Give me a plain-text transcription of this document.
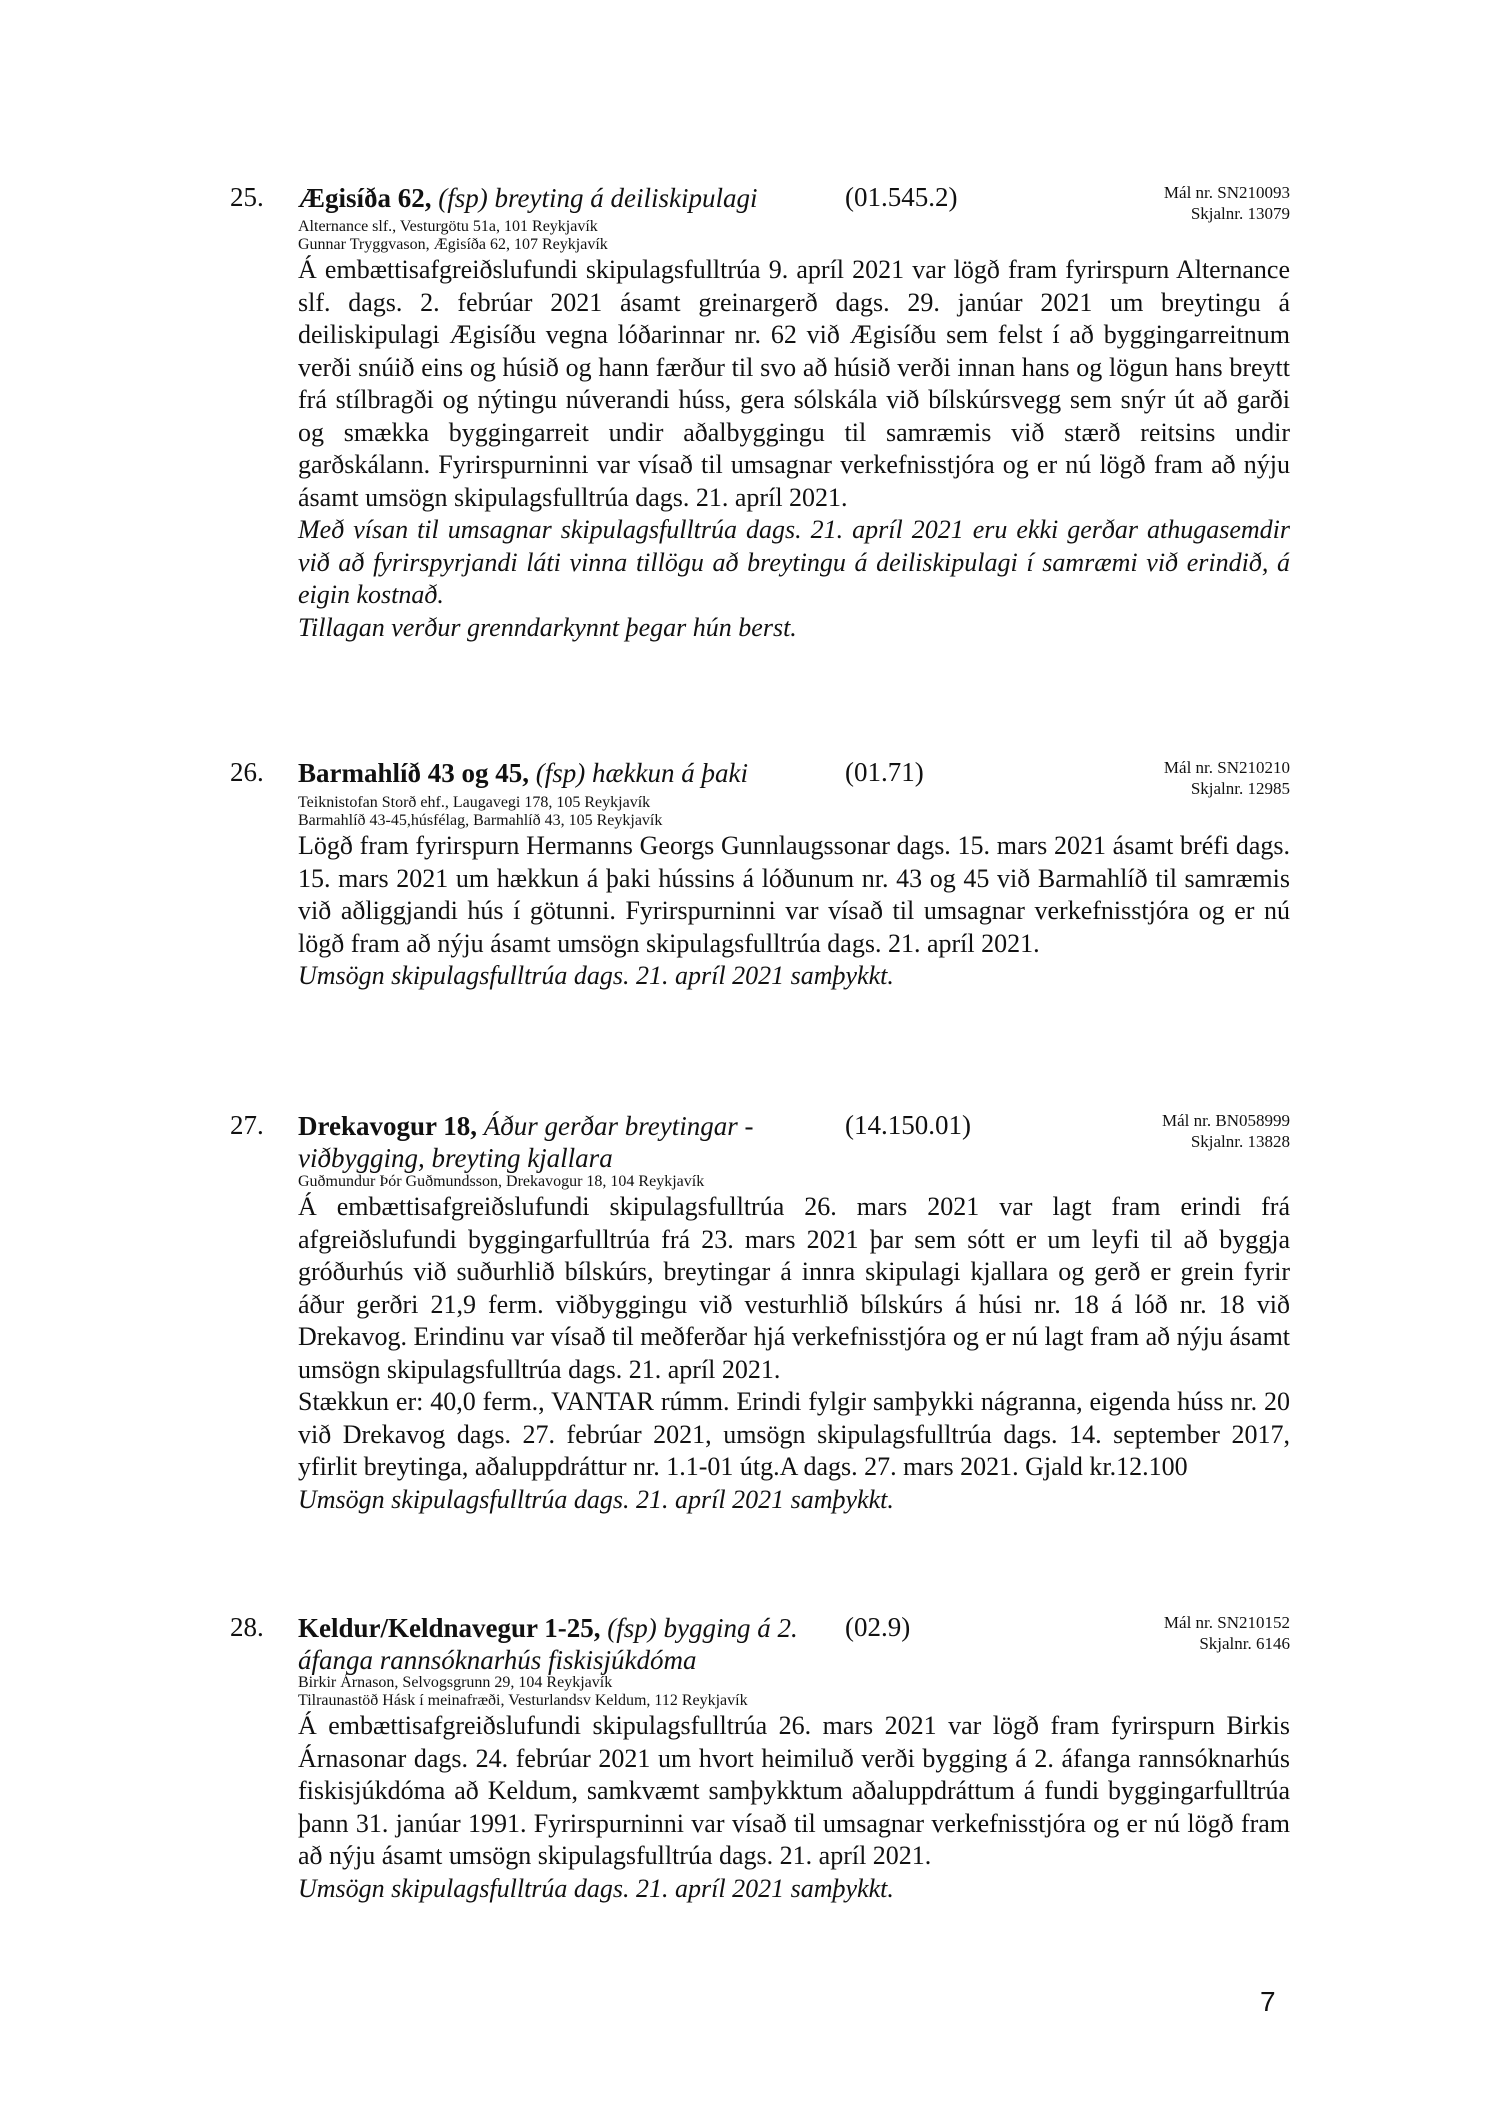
25. Ægisíða 62, (fsp) breyting á deiliskipulagi	(01.545.2)	Mál nr. SN210093
Skjalnr. 13079
Alternance slf., Vesturgötu 51a, 101 Reykjavík
Gunnar Tryggvason, Ægisíða 62, 107 Reykjavík

Á embættisafgreiðslufundi skipulagsfulltrúa 9. apríl 2021 var lögð fram fyrirspurn Alternance slf. dags. 2. febrúar 2021 ásamt greinargerð dags. 29. janúar 2021 um breytingu á deiliskipulagi Ægisíðu vegna lóðarinnar nr. 62 við Ægisíðu sem felst í að byggingarreitnum verði snúið eins og húsið og hann færður til svo að húsið verði innan hans og lögun hans breytt frá stílbragði og nýtingu núverandi húss, gera sólskála við bílskúrsvegg sem snýr út að garði og smækka byggingarreit undir aðalbyggingu til samræmis við stærð reitsins undir garðskálann. Fyrirspurninni var vísað til umsagnar verkefnisstjóra og er nú lögð fram að nýju ásamt umsögn skipulagsfulltrúa dags. 21. apríl 2021.

Með vísan til umsagnar skipulagsfulltrúa dags. 21. apríl 2021 eru ekki gerðar athugasemdir við að fyrirspyrjandi láti vinna tillögu að breytingu á deiliskipulagi í samræmi við erindið, á eigin kostnað.

Tillagan verður grenndarkynnt þegar hún berst.

26. Barmahlíð 43 og 45, (fsp) hækkun á þaki	(01.71)	Mál nr. SN210210
Skjalnr. 12985
Teiknistofan Storð ehf., Laugavegi 178, 105 Reykjavík
Barmahlíð 43-45,húsfélag, Barmahlíð 43, 105 Reykjavík

Lögð fram fyrirspurn Hermanns Georgs Gunnlaugssonar dags. 15. mars 2021 ásamt bréfi dags. 15. mars 2021 um hækkun á þaki hússins á lóðunum nr. 43 og 45 við Barmahlíð til samræmis við aðliggjandi hús í götunni. Fyrirspurninni var vísað til umsagnar verkefnisstjóra og er nú lögð fram að nýju ásamt umsögn skipulagsfulltrúa dags. 21. apríl 2021.

Umsögn skipulagsfulltrúa dags. 21. apríl 2021 samþykkt.

27. Drekavogur 18, Áður gerðar breytingar - viðbygging, breyting kjallara
(14.150.01)	Mál nr. BN058999
Skjalnr. 13828
Guðmundur Þór Guðmundsson, Drekavogur 18, 104 Reykjavík

Á embættisafgreiðslufundi skipulagsfulltrúa 26. mars 2021 var lagt fram erindi frá afgreiðslufundi byggingarfulltrúa frá 23. mars 2021 þar sem sótt er um leyfi til að byggja gróðurhús við suðurhlið bílskúrs, breytingar á innra skipulagi kjallara og gerð er grein fyrir áður gerðri 21,9 ferm. viðbyggingu við vesturhlið bílskúrs á húsi nr. 18 á lóð nr. 18 við Drekavog. Erindinu var vísað til meðferðar hjá verkefnisstjóra og er nú lagt fram að nýju ásamt umsögn skipulagsfulltrúa dags. 21. apríl 2021.

Stækkun er: 40,0 ferm., VANTAR rúmm. Erindi fylgir samþykki nágranna, eigenda húss nr. 20 við Drekavog dags. 27. febrúar 2021, umsögn skipulagsfulltrúa dags. 14. september 2017, yfirlit breytinga, aðaluppdráttur nr. 1.1-01 útg.A dags. 27. mars 2021. Gjald kr.12.100

Umsögn skipulagsfulltrúa dags. 21. apríl 2021 samþykkt.

28. Keldur/Keldnavegur 1-25, (fsp) bygging á 2. áfanga rannsóknarhús fiskisjúkdóma
(02.9)	Mál nr. SN210152
Skjalnr. 6146
Birkir Árnason, Selvogsgrunn 29, 104 Reykjavík
Tilraunastöð Hásk í meinafræði, Vesturlandsv Keldum, 112 Reykjavík

Á embættisafgreiðslufundi skipulagsfulltrúa 26. mars 2021 var lögð fram fyrirspurn Birkis Árnasonar dags. 24. febrúar 2021 um hvort heimiluð verði bygging á 2. áfanga rannsóknarhús fiskisjúkdóma að Keldum, samkvæmt samþykktum aðaluppdráttum á fundi byggingarfulltrúa þann 31. janúar 1991. Fyrirspurninni var vísað til umsagnar verkefnisstjóra og er nú lögð fram að nýju ásamt umsögn skipulagsfulltrúa dags. 21. apríl 2021.

Umsögn skipulagsfulltrúa dags. 21. apríl 2021 samþykkt.

7
